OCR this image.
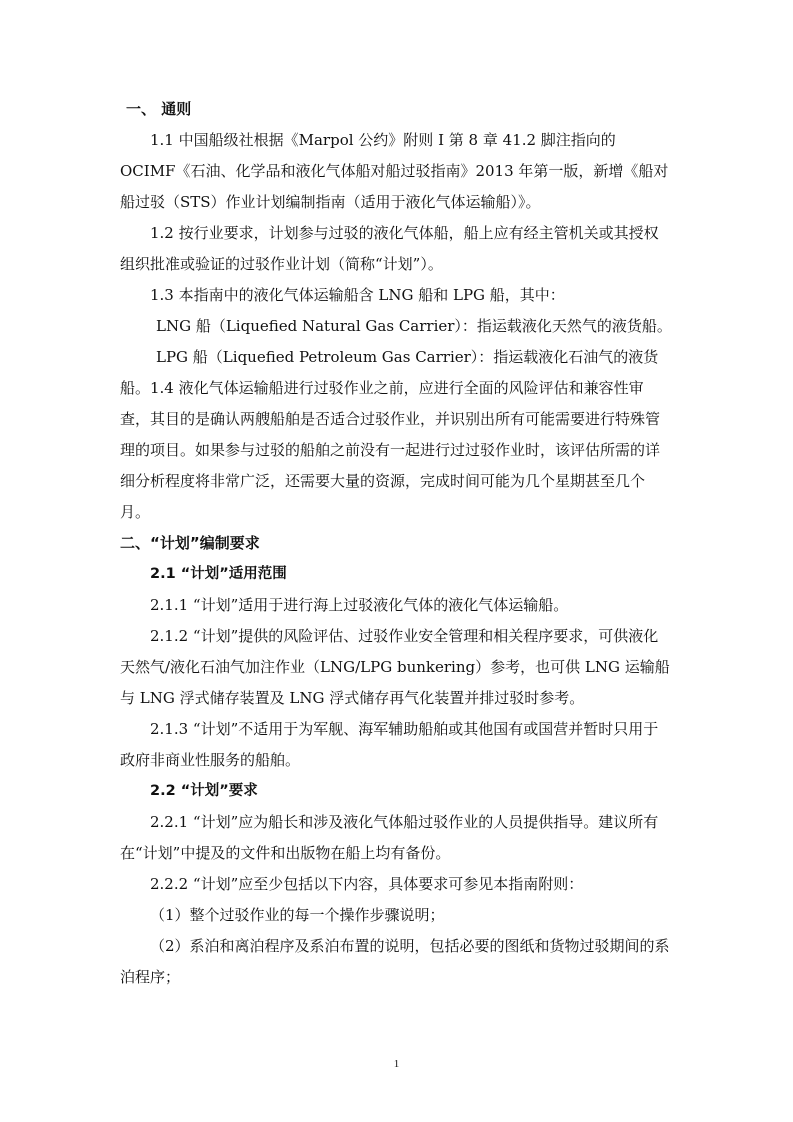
一、 通则

1.1 中国船级社根据《Marpol 公约》附则 I 第 8 章 41.2 脚注指向的 OCIMF《石油、化学品和液化气体船对船过驳指南》2013 年第一版，新增《船对船过驳（STS）作业计划编制指南（适用于液化气体运输船）》。

1.2 按行业要求，计划参与过驳的液化气体船，船上应有经主管机关或其授权组织批准或验证的过驳作业计划（简称“计划”）。

1.3 本指南中的液化气体运输船含 LNG 船和 LPG 船，其中：

LNG 船（Liquefied Natural Gas Carrier）：指运载液化天然气的液货船。

LPG 船（Liquefied Petroleum Gas Carrier）：指运载液化石油气的液货船。 1.4 液化气体运输船进行过驳作业之前，应进行全面的风险评估和兼容性审查，其目的是确认两艘船舶是否适合过驳作业，并识别出所有可能需要进行特殊管理的项目。如果参与过驳的船舶之前没有一起进行过过驳作业时，该评估所需的详细分析程度将非常广泛，还需要大量的资源，完成时间可能为几个星期甚至几个月。

二、“计划”编制要求

2.1 “计划”适用范围

2.1.1 “计划”适用于进行海上过驳液化气体的液化气体运输船。

2.1.2 “计划”提供的风险评估、过驳作业安全管理和相关程序要求，可供液化天然气/液化石油气加注作业（LNG/LPG bunkering）参考，也可供 LNG 运输船与 LNG 浮式储存装置及 LNG 浮式储存再气化装置并排过驳时参考。

2.1.3 “计划”不适用于为军舰、海军辅助船舶或其他国有或国营并暂时只用于政府非商业性服务的船舶。

2.2 “计划”要求

2.2.1 “计划”应为船长和涉及液化气体船过驳作业的人员提供指导。建议所有在“计划”中提及的文件和出版物在船上均有备份。

2.2.2 “计划”应至少包括以下内容，具体要求可参见本指南附则：

（1）整个过驳作业的每一个操作步骤说明；

（2）系泊和离泊程序及系泊布置的说明，包括必要的图纸和货物过驳期间的系泊程序；

1
